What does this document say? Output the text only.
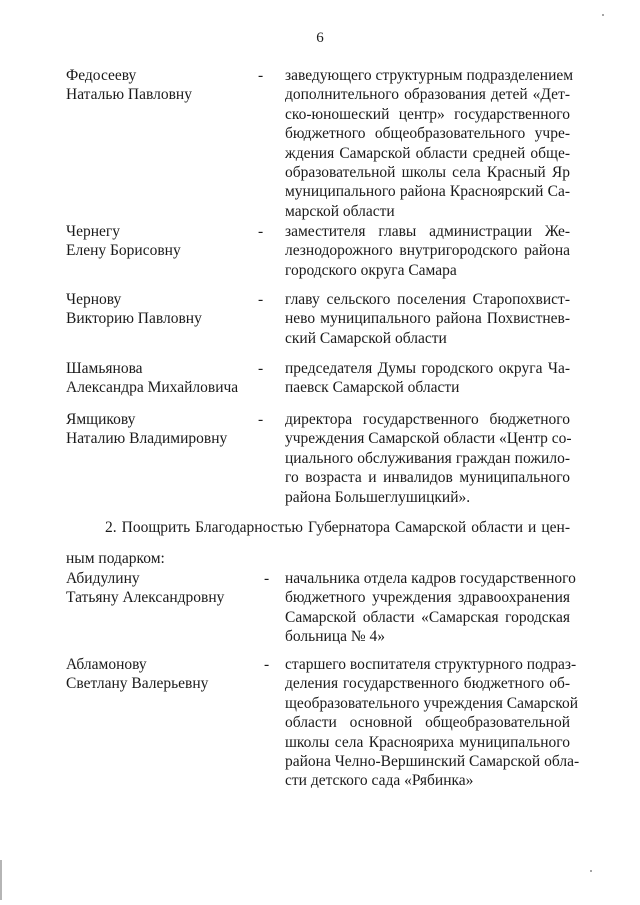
6
Федосееву
Наталью Павловну
-	заведующего структурным подразделением
дополнительного образования детей «Дет-
ско-юношеский центр» государственного
бюджетного общеобразовательного учре-
ждения Самарской области средней обще-
образовательной школы села Красный Яр
муниципального района Красноярский Са-
марской области
Чернегу
Елену Борисовну
-	заместителя главы администрации Же-
лезнодорожного внутригородского района
городского округа Самара
Чернову
Викторию Павловну
-	главу сельского поселения Старопохвист-
нево муниципального района Похвистнев-
ский Самарской области
Шамьянова
Александра Михайловича
-	председателя Думы городского округа Ча-
паевск Самарской области
Ямщикову
Наталию Владимировну
-	директора государственного бюджетного
учреждения Самарской области «Центр со-
циального обслуживания граждан пожило-
го возраста и инвалидов муниципального
района Большеглушицкий».
2. Поощрить Благодарностью Губернатора Самарской области и цен-
ным подарком:
Абидулину
Татьяну Александровну
-	начальника отдела кадров государственного
бюджетного учреждения здравоохранения
Самарской области «Самарская городская
больница № 4»
Абламонову
Светлану Валерьевну
-	старшего воспитателя структурного подраз-
деления государственного бюджетного об-
щеобразовательного учреждения Самарской
области основной общеобразовательной
школы села Краснояриха муниципального
района Челно-Вершинский Самарской обла-
сти детского сада «Рябинка»
